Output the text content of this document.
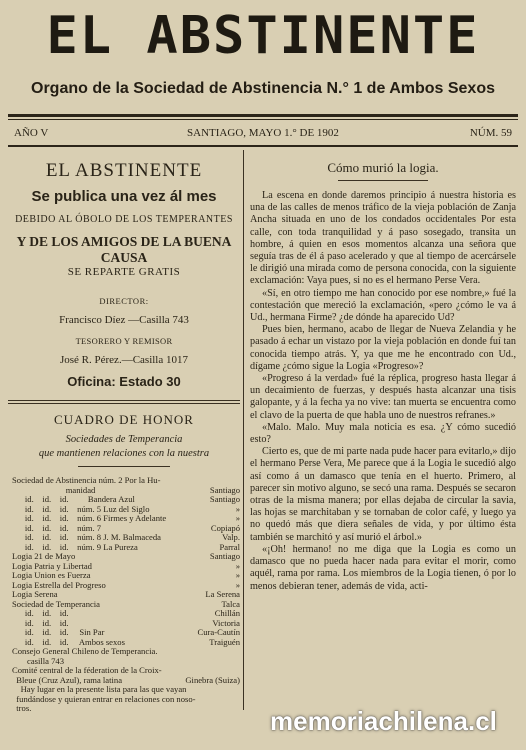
EL ABSTINENTE
Organo de la Sociedad de Abstinencia N.° 1 de Ambos Sexos
AÑO V	SANTIAGO, MAYO 1.° DE 1902	NÚM. 59
EL ABSTINENTE
Se publica una vez ál mes
DEBIDO AL ÓBOLO DE LOS TEMPERANTES
Y DE LOS AMIGOS DE LA BUENA CAUSA
SE REPARTE GRATIS
DIRECTOR:
Francisco Díez —Casilla 743
TESORERO Y REMISOR
José R. Pérez.—Casilla 1017
Oficina: Estado 30
CUADRO DE HONOR
Sociedades de Temperancia
que mantienen relaciones con la nuestra
Sociedad de Abstinencia núm. 2 Por la Hu-
manidad	Santiago
id.    id.    id.         Bandera Azul	Santiago
id.    id.    id.    núm. 5 Luz del Siglo	»
id.    id.    id.    núm. 6 Firmes y Adelante	»
id.    id.    id.    núm. 7	Copiapó
id.    id.    id.    núm. 8 J. M. Balmaceda	Valp.
id.    id.    id.    núm. 9 La Pureza	Parral
Logia 21 de Mayo	Santiago
Logia Patria y Libertad	»
Logia Union es Fuerza	»
Logia Estrella del Progreso	»
Logia Serena	La Serena
Sociedad de Temperancia	Talca
id.    id.    id.	Chillán
id.    id.    id.	Victoria
id.    id.    id.     Sin Par	Cura-Cautín
id.    id.    id.     Ambos sexos	Traiguén
Consejo General Chileno de Temperancia.
casilla 743
Comité central de la féderation de la Croix-
Bleue (Cruz Azul), rama latina	Ginebra (Suiza)
Hay lugar en la presente lista para las que vayan
fundándose y quieran entrar en relaciones con noso-
tros.
Cómo murió la logia.

La escena en donde daremos principio á nuestra historia es una de las calles de menos tráfico de la vieja población de Zanja Ancha situada en uno de los condados occidentales Por esta calle, con toda tranquilidad y á paso sosegado, transita un hombre, á quien en esos momentos alcanza una señora que seguía tras de él á paso acelerado y que al tiempo de acercársele le dirigió una mirada como de persona conocida, con la siguiente exclamación: Vaya pues, si no es el hermano Perse Vera.

«Sí, en otro tiempo me han conocido por ese nombre,» fué la contestación que mereció la exclamación, «pero ¿cómo le va á Ud., hermana Firme? ¿de dónde ha aparecido Ud?

Pues bien, hermano, acabo de llegar de Nueva Zelandia y he pasado á echar un vistazo por la vieja población en donde fuí tan conocida tiempo atrás. Y, ya que me he encontrado con Ud., dígame ¿cómo sigue la Logia «Progreso»?

«Progreso á la verdad» fué la réplica, progreso hasta llegar á un decaimiento de fuerzas, y después hasta alcanzar una tisis galopante, y á la fecha ya no vive: tan muerta se encuentra como el clavo de la puerta de que habla uno de nuestros refranes.»

«Malo. Malo. Muy mala noticia es esa. ¿Y cómo sucedió esto?

Cierto es, que de mi parte nada pude hacer para evitarlo,» dijo el hermano Perse Vera, Me parece que á la Logia le sucedió algo así como á un damasco que tenía en el huerto. Primero, al parecer sin motivo alguno, se secó una rama. Después se secaron otras de la misma manera; por ellas dejaba de circular la savia, las hojas se marchitaban y se tornaban de color café, y luego ya no quedó más que diera señales de vida, y por último ésta también se marchitó y así murió el árbol.»

«¡Oh! hermano! no me diga que la Logia es como un damasco que no pueda hacer nada para evitar el morir, como aquél, rama por rama. Los miembros de la Logia tienen, ó por lo menos debieran tener, además de vida, acti-

memoriachilena.cl
